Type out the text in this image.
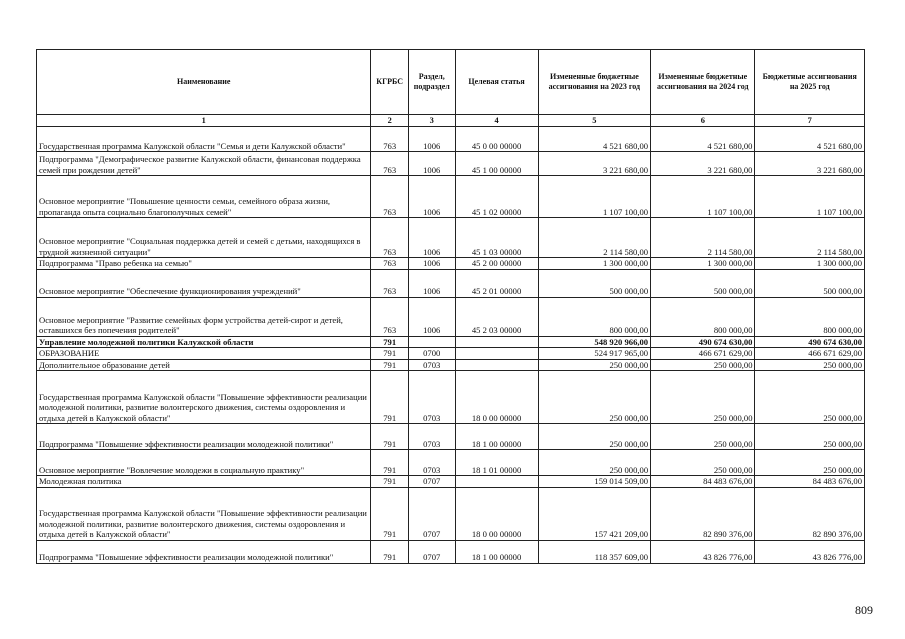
Наименование	КГРБС	Раздел, подраздел	Целевая статья	Измененные бюджетные ассигнования на 2023 год	Измененные бюджетные ассигнования на 2024 год	Бюджетные ассигнования на 2025 год
1	2	3	4	5	6	7
Государственная программа Калужской области "Семья и дети Калужской области"	763	1006	45 0 00 00000	4 521 680,00	4 521 680,00	4 521 680,00
Подпрограмма "Демографическое развитие Калужской области, финансовая поддержка семей при рождении детей"	763	1006	45 1 00 00000	3 221 680,00	3 221 680,00	3 221 680,00
Основное мероприятие "Повышение ценности семьи, семейного образа жизни, пропаганда опыта социально благополучных семей"	763	1006	45 1 02 00000	1 107 100,00	1 107 100,00	1 107 100,00
Основное мероприятие "Социальная поддержка детей и семей с детьми, находящихся в трудной жизненной ситуации"	763	1006	45 1 03 00000	2 114 580,00	2 114 580,00	2 114 580,00
Подпрограмма "Право ребенка на семью"	763	1006	45 2 00 00000	1 300 000,00	1 300 000,00	1 300 000,00
Основное мероприятие "Обеспечение функционирования учреждений"	763	1006	45 2 01 00000	500 000,00	500 000,00	500 000,00
Основное мероприятие "Развитие семейных форм устройства детей-сирот и детей, оставшихся без попечения родителей"	763	1006	45 2 03 00000	800 000,00	800 000,00	800 000,00
Управление молодежной политики Калужской области	791			548 920 966,00	490 674 630,00	490 674 630,00
ОБРАЗОВАНИЕ	791	0700		524 917 965,00	466 671 629,00	466 671 629,00
Дополнительное образование детей	791	0703		250 000,00	250 000,00	250 000,00
Государственная программа Калужской области "Повышение эффективности реализации молодежной политики, развитие волонтерского движения, системы оздоровления и отдыха детей в Калужской области"	791	0703	18 0 00 00000	250 000,00	250 000,00	250 000,00
Подпрограмма "Повышение эффективности реализации молодежной политики"	791	0703	18 1 00 00000	250 000,00	250 000,00	250 000,00
Основное мероприятие "Вовлечение молодежи в социальную практику"	791	0703	18 1 01 00000	250 000,00	250 000,00	250 000,00
Молодежная политика	791	0707		159 014 509,00	84 483 676,00	84 483 676,00
Государственная программа Калужской области "Повышение эффективности реализации молодежной политики, развитие волонтерского движения, системы оздоровления и отдыха детей в Калужской области"	791	0707	18 0 00 00000	157 421 209,00	82 890 376,00	82 890 376,00
Подпрограмма "Повышение эффективности реализации молодежной политики"	791	0707	18 1 00 00000	118 357 609,00	43 826 776,00	43 826 776,00
809
